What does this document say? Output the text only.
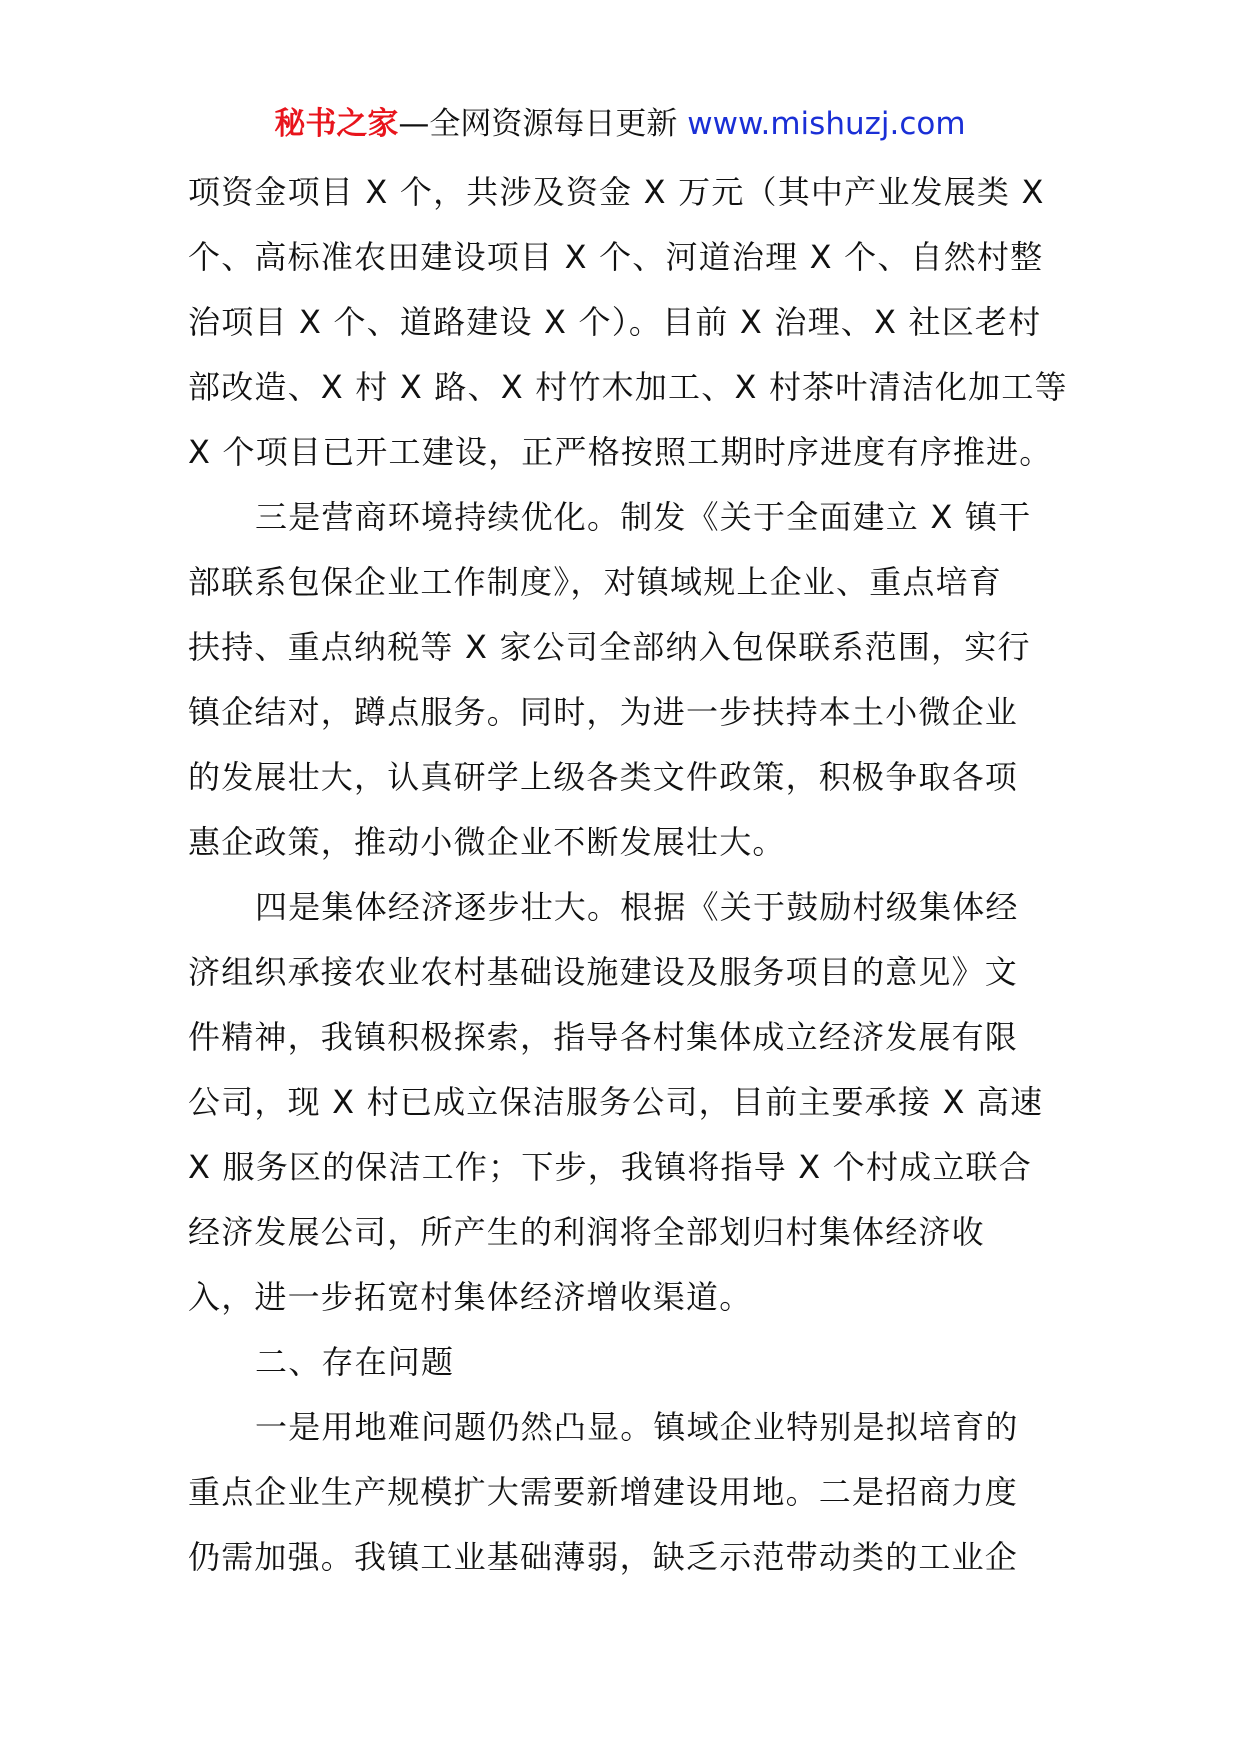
秘书之家—全网资源每日更新 www.mishuzj.com
项资金项目 X 个，共涉及资金 X 万元（其中产业发展类 X
个、高标准农田建设项目 X 个、河道治理 X 个、自然村整
治项目 X 个、道路建设 X 个）。目前 X 治理、X 社区老村
部改造、X 村 X 路、X 村竹木加工、X 村茶叶清洁化加工等
X 个项目已开工建设，正严格按照工期时序进度有序推进。
三是营商环境持续优化。制发《关于全面建立 X 镇干
部联系包保企业工作制度》，对镇域规上企业、重点培育
扶持、重点纳税等 X 家公司全部纳入包保联系范围，实行
镇企结对，蹲点服务。同时，为进一步扶持本土小微企业
的发展壮大，认真研学上级各类文件政策，积极争取各项
惠企政策，推动小微企业不断发展壮大。
四是集体经济逐步壮大。根据《关于鼓励村级集体经
济组织承接农业农村基础设施建设及服务项目的意见》文
件精神，我镇积极探索，指导各村集体成立经济发展有限
公司，现 X 村已成立保洁服务公司，目前主要承接 X 高速
X 服务区的保洁工作；下步，我镇将指导 X 个村成立联合
经济发展公司，所产生的利润将全部划归村集体经济收
入，进一步拓宽村集体经济增收渠道。
二、存在问题
一是用地难问题仍然凸显。镇域企业特别是拟培育的
重点企业生产规模扩大需要新增建设用地。二是招商力度
仍需加强。我镇工业基础薄弱，缺乏示范带动类的工业企
